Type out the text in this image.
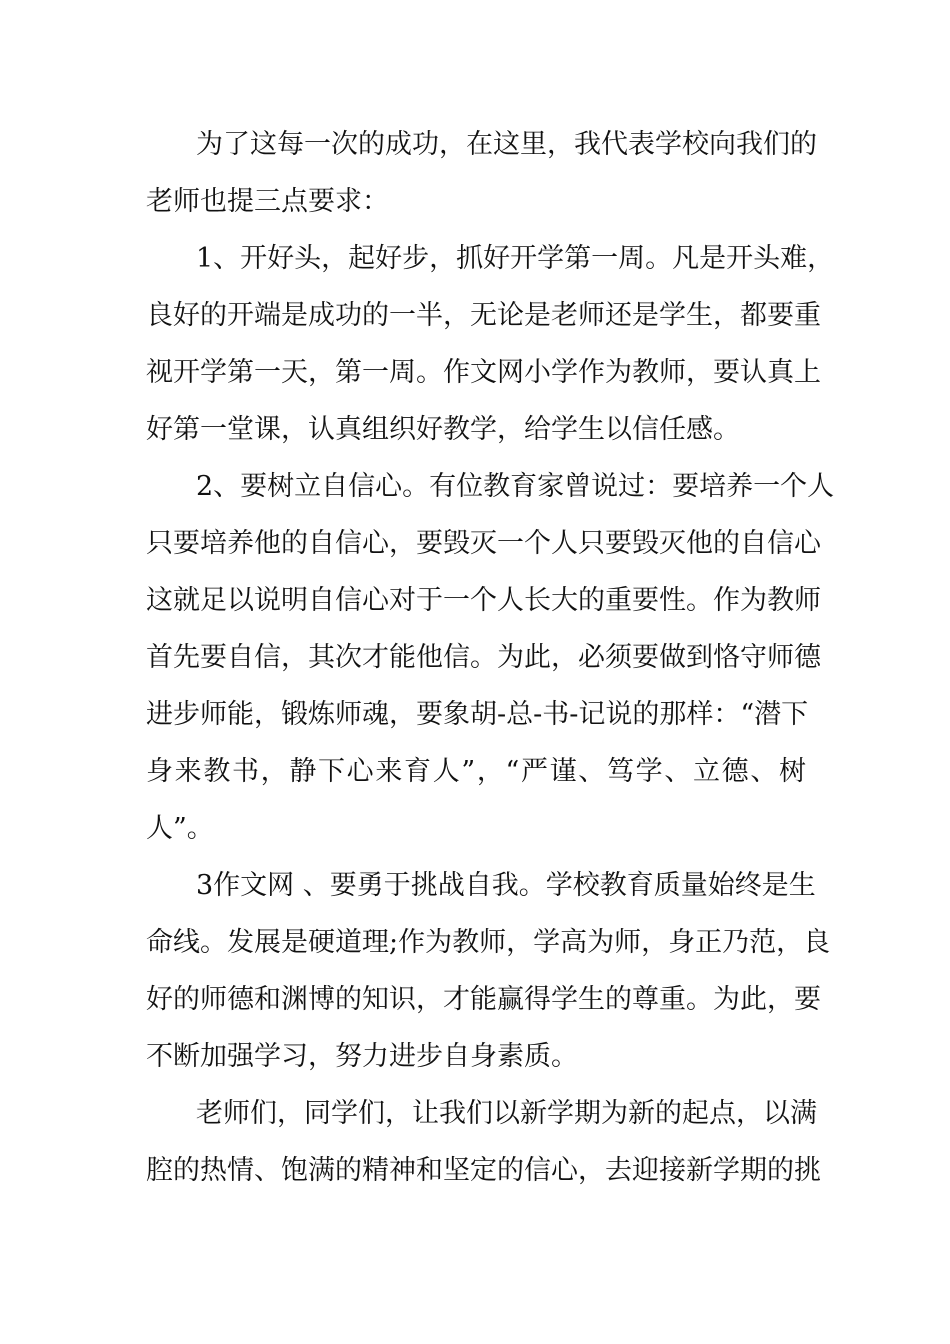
为了这每一次的成功，在这里，我代表学校向我们的
老师也提三点要求：
1、开好头，起好步，抓好开学第一周。凡是开头难，
良好的开端是成功的一半，无论是老师还是学生，都要重
视开学第一天，第一周。作文网小学作为教师，要认真上
好第一堂课，认真组织好教学，给学生以信任感。
2、要树立自信心。有位教育家曾说过：要培养一个人
只要培养他的自信心，要毁灭一个人只要毁灭他的自信心
这就足以说明自信心对于一个人长大的重要性。作为教师
首先要自信，其次才能他信。为此，必须要做到恪守师德
进步师能，锻炼师魂，要象胡-总-书-记说的那样：“潜下
身来教书，静下心来育人”，“严谨、笃学、立德、树
人”。
3作文网 、要勇于挑战自我。学校教育质量始终是生
命线。发展是硬道理;作为教师，学高为师，身正乃范，良
好的师德和渊博的知识，才能赢得学生的尊重。为此，要
不断加强学习，努力进步自身素质。
老师们，同学们，让我们以新学期为新的起点，以满
腔的热情、饱满的精神和坚定的信心，去迎接新学期的挑
